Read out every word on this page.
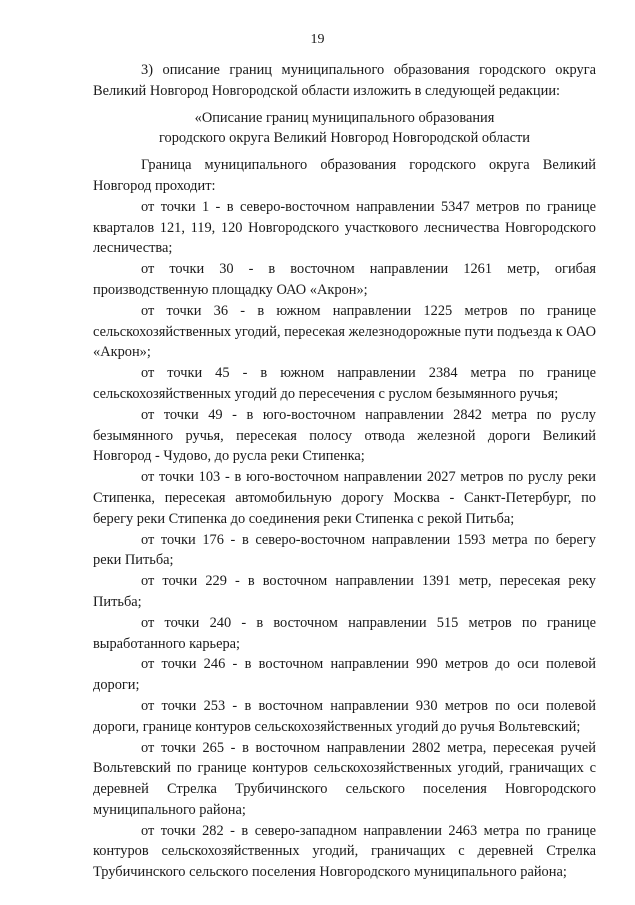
19

3) описание границ муниципального образования городского округа Великий Новгород Новгородской области изложить в следующей редакции:

«Описание границ муниципального образования
городского округа Великий Новгород Новгородской области

Граница муниципального образования городского округа Великий Новгород проходит:

от точки 1 - в северо-восточном направлении 5347 метров по границе кварталов 121, 119, 120 Новгородского участкового лесничества Новгородского лесничества;

от точки 30 - в восточном направлении 1261 метр, огибая производственную площадку ОАО «Акрон»;

от точки 36 - в южном направлении 1225 метров по границе сельскохозяйственных угодий, пересекая железнодорожные пути подъезда к ОАО «Акрон»;

от точки 45 - в южном направлении 2384 метра по границе сельскохозяйственных угодий до пересечения с руслом безымянного ручья;

от точки 49 - в юго-восточном направлении 2842 метра по руслу безымянного ручья, пересекая полосу отвода железной дороги Великий Новгород - Чудово, до русла реки Стипенка;

от точки 103 - в юго-восточном направлении 2027 метров по руслу реки Стипенка, пересекая автомобильную дорогу Москва - Санкт-Петербург, по берегу реки Стипенка до соединения реки Стипенка с рекой Питьба;

от точки 176 - в северо-восточном направлении 1593 метра по берегу реки Питьба;

от точки 229 - в восточном направлении 1391 метр, пересекая реку Питьба;

от точки 240 - в восточном направлении 515 метров по границе выработанного карьера;

от точки 246 - в восточном направлении 990 метров до оси полевой дороги;

от точки 253 - в восточном направлении 930 метров по оси полевой дороги, границе контуров сельскохозяйственных угодий до ручья Вольтевский;

от точки 265 - в восточном направлении 2802 метра, пересекая ручей Вольтевский по границе контуров сельскохозяйственных угодий, граничащих с деревней Стрелка Трубичинского сельского поселения Новгородского муниципального района;

от точки 282 - в северо-западном направлении 2463 метра по границе контуров сельскохозяйственных угодий, граничащих с деревней Стрелка Трубичинского сельского поселения Новгородского муниципального района;
